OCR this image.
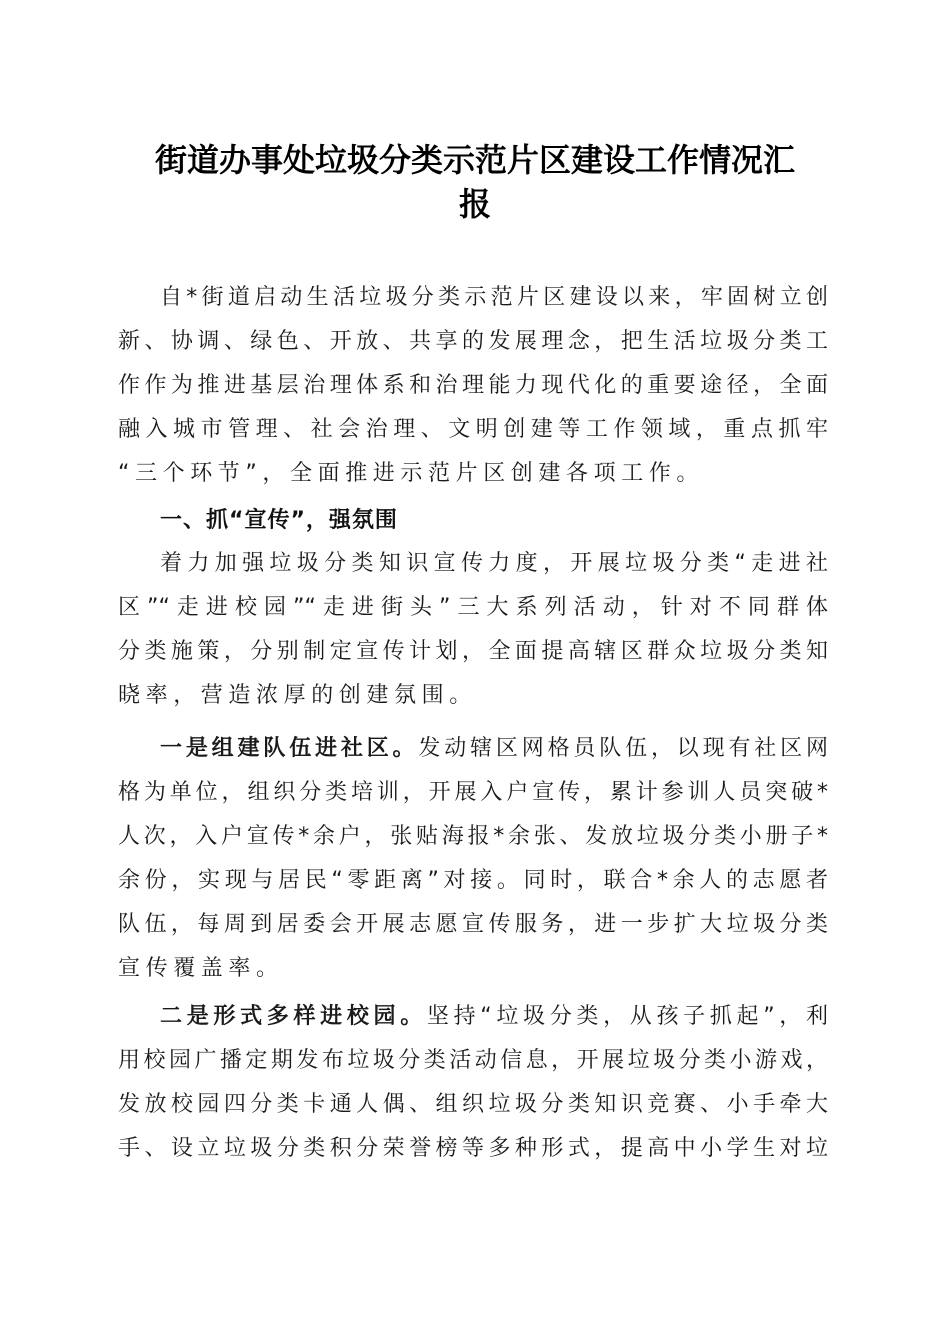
街道办事处垃圾分类示范片区建设工作情况汇
报
自*街道启动生活垃圾分类示范片区建设以来，牢固树立创
新、协调、绿色、开放、共享的发展理念，把生活垃圾分类工
作作为推进基层治理体系和治理能力现代化的重要途径，全面
融入城市管理、社会治理、文明创建等工作领域，重点抓牢
“三个环节”，全面推进示范片区创建各项工作。
一、抓“宣传”，强氛围
着力加强垃圾分类知识宣传力度，开展垃圾分类“走进社
区”“走进校园”“走进街头”三大系列活动，针对不同群体
分类施策，分别制定宣传计划，全面提高辖区群众垃圾分类知
晓率，营造浓厚的创建氛围。
一是组建队伍进社区。发动辖区网格员队伍，以现有社区网
格为单位，组织分类培训，开展入户宣传，累计参训人员突破*
人次，入户宣传*余户，张贴海报*余张、发放垃圾分类小册子*
余份，实现与居民“零距离”对接。同时，联合*余人的志愿者
队伍，每周到居委会开展志愿宣传服务，进一步扩大垃圾分类
宣传覆盖率。
二是形式多样进校园。坚持“垃圾分类，从孩子抓起”，利
用校园广播定期发布垃圾分类活动信息，开展垃圾分类小游戏，
发放校园四分类卡通人偶、组织垃圾分类知识竞赛、小手牵大
手、设立垃圾分类积分荣誉榜等多种形式，提高中小学生对垃
